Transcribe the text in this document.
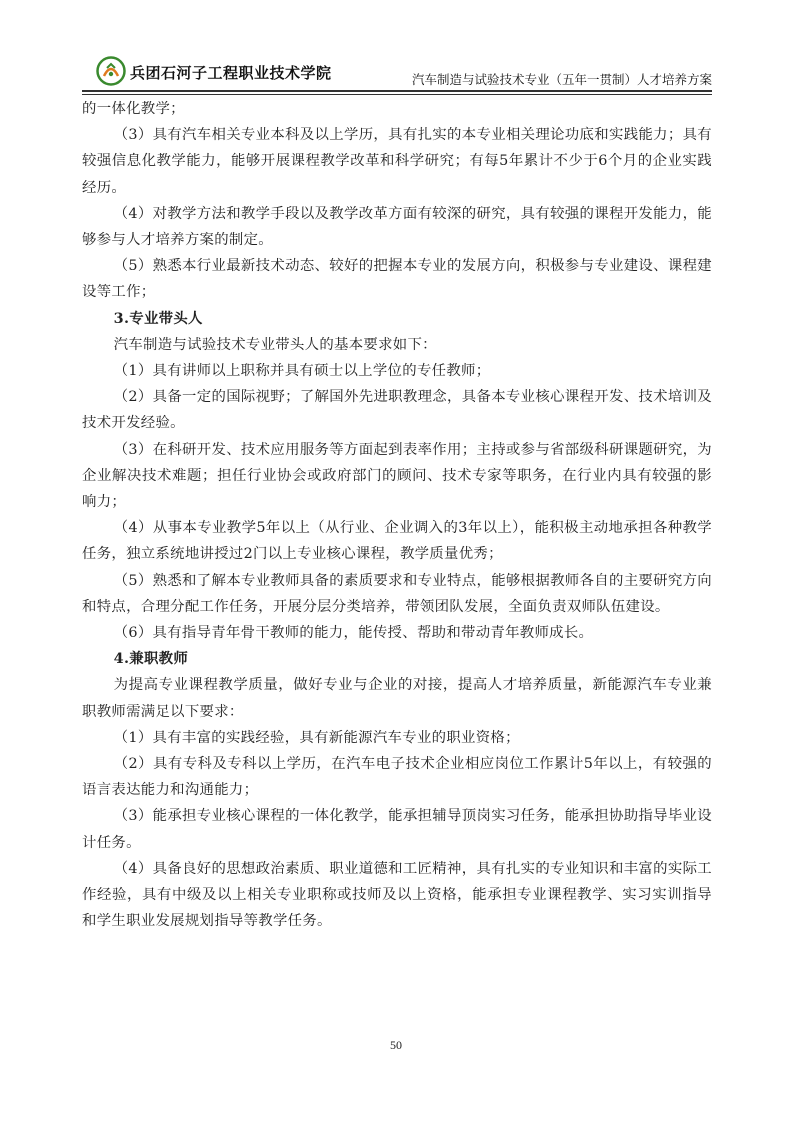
兵团石河子工程职业技术学院	汽车制造与试验技术专业（五年一贯制）人才培养方案

的一体化教学；

（3）具有汽车相关专业本科及以上学历，具有扎实的本专业相关理论功底和实践能力；具有较强信息化教学能力，能够开展课程教学改革和科学研究；有每5年累计不少于6个月的企业实践经历。

（4）对教学方法和教学手段以及教学改革方面有较深的研究，具有较强的课程开发能力，能够参与人才培养方案的制定。

（5）熟悉本行业最新技术动态、较好的把握本专业的发展方向，积极参与专业建设、课程建设等工作；

3.专业带头人

汽车制造与试验技术专业带头人的基本要求如下：

（1）具有讲师以上职称并具有硕士以上学位的专任教师；

（2）具备一定的国际视野；了解国外先进职教理念，具备本专业核心课程开发、技术培训及技术开发经验。

（3）在科研开发、技术应用服务等方面起到表率作用；主持或参与省部级科研课题研究，为企业解决技术难题；担任行业协会或政府部门的顾问、技术专家等职务，在行业内具有较强的影响力；

（4）从事本专业教学5年以上（从行业、企业调入的3年以上），能积极主动地承担各种教学任务，独立系统地讲授过2门以上专业核心课程，教学质量优秀；

（5）熟悉和了解本专业教师具备的素质要求和专业特点，能够根据教师各自的主要研究方向和特点，合理分配工作任务，开展分层分类培养，带领团队发展，全面负责双师队伍建设。

（6）具有指导青年骨干教师的能力，能传授、帮助和带动青年教师成长。

4.兼职教师

为提高专业课程教学质量，做好专业与企业的对接，提高人才培养质量，新能源汽车专业兼职教师需满足以下要求：

（1）具有丰富的实践经验，具有新能源汽车专业的职业资格；

（2）具有专科及专科以上学历，在汽车电子技术企业相应岗位工作累计5年以上，有较强的语言表达能力和沟通能力；

（3）能承担专业核心课程的一体化教学，能承担辅导顶岗实习任务，能承担协助指导毕业设计任务。

（4）具备良好的思想政治素质、职业道德和工匠精神，具有扎实的专业知识和丰富的实际工作经验，具有中级及以上相关专业职称或技师及以上资格，能承担专业课程教学、实习实训指导和学生职业发展规划指导等教学任务。

50
